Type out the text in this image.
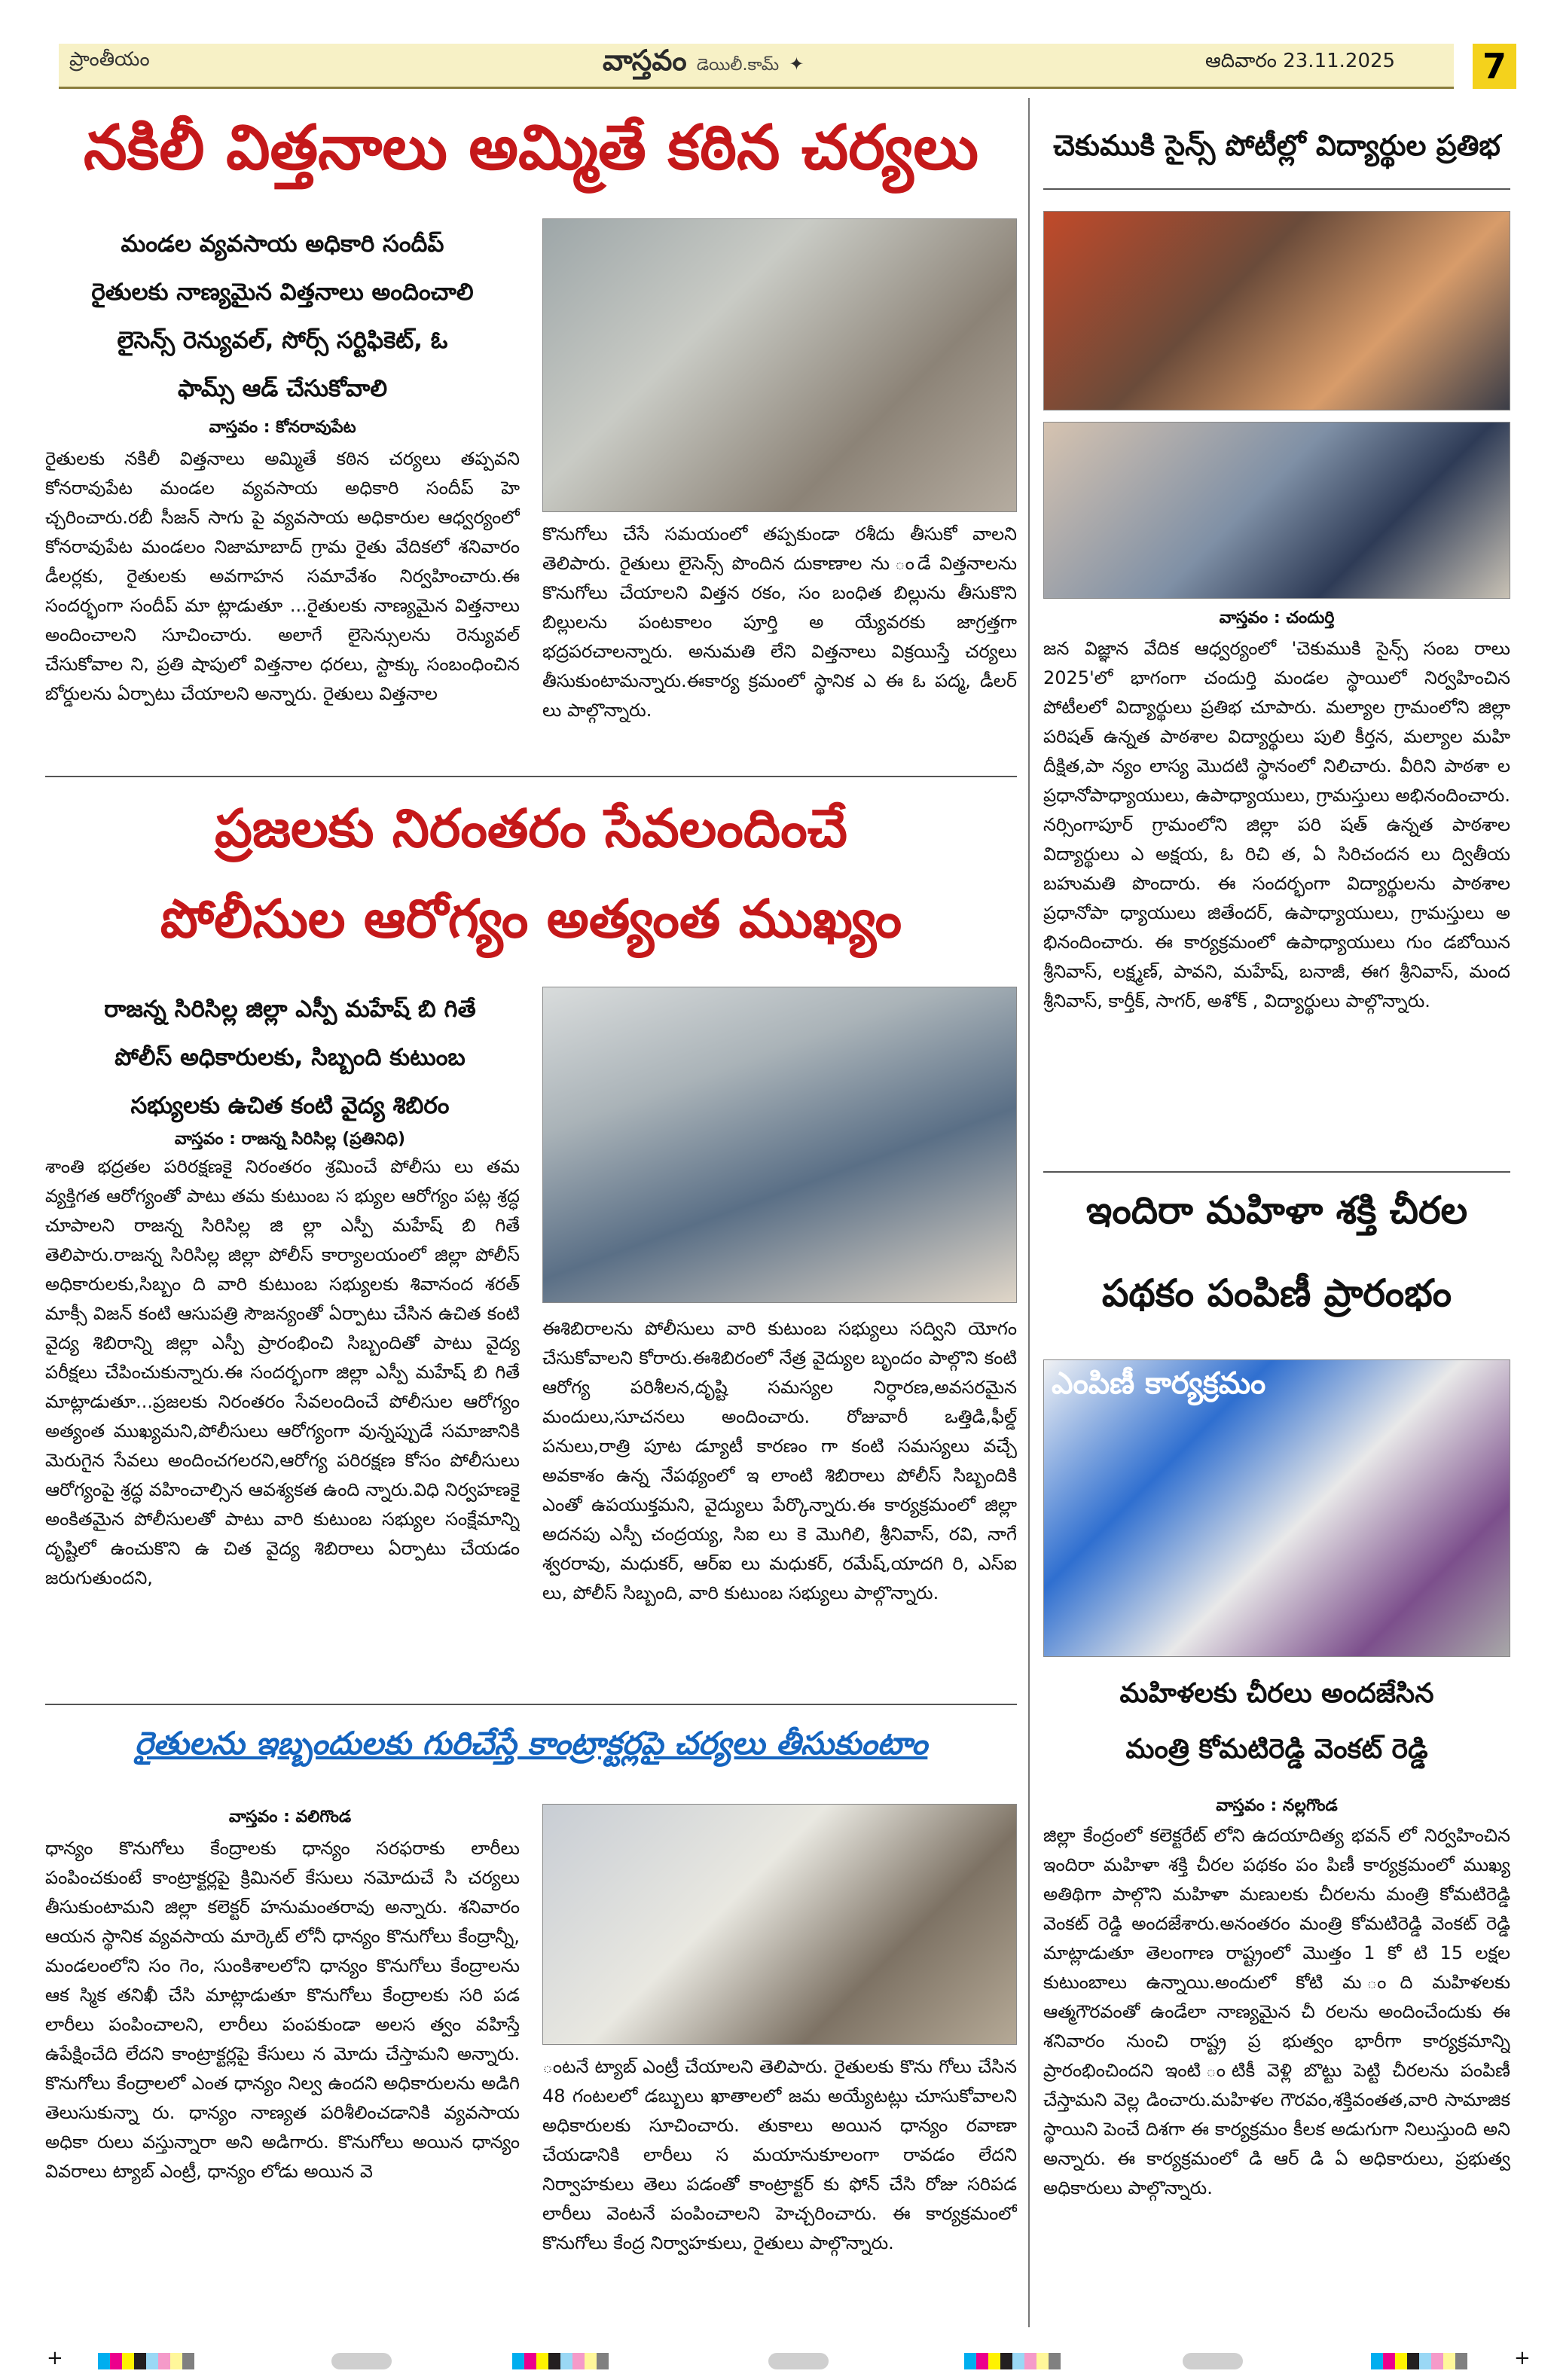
ప్రాంతీయం	వాస్తవం డెయిలీ.కామ్ ✦	ఆదివారం 23.11.2025	7
నకిలీ విత్తనాలు అమ్మితే కఠిన చర్యలు
మండల వ్యవసాయ అధికారి సందీప్
రైతులకు నాణ్యమైన విత్తనాలు అందించాలి
లైసెన్స్ రెన్యువల్, సోర్స్ సర్టిఫికెట్, ఓ
ఫామ్స్ ఆడ్ చేసుకోవాలి
వాస్తవం : కోనరావుపేట
రైతులకు నకిలీ విత్తనాలు అమ్మితే కఠిన చర్యలు తప్పవని కోనరావుపేట మండల వ్యవసాయ అధికారి సందీప్ హె చ్చరించారు.రబీ సీజన్ సాగు పై వ్యవసాయ అధికారుల ఆధ్వర్యంలో కోనరావుపేట మండలం నిజామాబాద్ గ్రామ రైతు వేదికలో శనివారం డీలర్లకు, రైతులకు అవగాహన సమావేశం నిర్వహించారు.ఈ సందర్భంగా సందీప్ మా ట్లాడుతూ ...రైతులకు నాణ్యమైన విత్తనాలు అందించాలని సూచించారు. అలాగే లైసెన్సులను రెన్యువల్ చేసుకోవాల ని, ప్రతి షాపులో విత్తనాల ధరలు, స్టాక్కు సంబంధించిన బోర్డులను ఏర్పాటు చేయాలని అన్నారు. రైతులు విత్తనాల
కొనుగోలు చేసే సమయంలో తప్పకుండా రశీదు తీసుకో వాలని తెలిపారు. రైతులు లైసెన్స్ పొందిన దుకాణాల ను ండే విత్తనాలను కొనుగోలు చేయాలని విత్తన రకం, సం బంధిత బిల్లును తీసుకొని బిల్లులను పంటకాలం పూర్తి అ య్యేవరకు జాగ్రత్తగా భద్రపరచాలన్నారు. అనుమతి లేని విత్తనాలు విక్రయిస్తే చర్యలు తీసుకుంటామన్నారు.ఈకార్య క్రమంలో స్థానిక ఎ ఈ ఓ పద్మ, డీలర్ లు పాల్గొన్నారు.
ప్రజలకు నిరంతరం సేవలందించే
పోలీసుల ఆరోగ్యం అత్యంత ముఖ్యం
రాజన్న సిరిసిల్ల జిల్లా ఎస్పీ మహేష్ బి గితే
పోలీస్ అధికారులకు, సిబ్బంది కుటుంబ
సభ్యులకు ఉచిత కంటి వైద్య శిబిరం
వాస్తవం : రాజన్న సిరిసిల్ల (ప్రతినిధి)
శాంతి భద్రతల పరిరక్షణకై నిరంతరం శ్రమించే పోలీసు లు తమ వ్యక్తిగత ఆరోగ్యంతో పాటు తమ కుటుంబ స భ్యుల ఆరోగ్యం పట్ల శ్రద్ధ చూపాలని రాజన్న సిరిసిల్ల జి ల్లా ఎస్పీ మహేష్ బి గితే తెలిపారు.రాజన్న సిరిసిల్ల జిల్లా పోలీస్ కార్యాలయంలో జిల్లా పోలీస్ అధికారులకు,సిబ్బం ది వారి కుటుంబ సభ్యులకు శివానంద శరత్ మాక్సీ విజన్ కంటి ఆసుపత్రి సౌజన్యంతో ఏర్పాటు చేసిన ఉచిత కంటి వైద్య శిబిరాన్ని జిల్లా ఎస్పీ ప్రారంభించి సిబ్బందితో పాటు వైద్య పరీక్షలు చేపించుకున్నారు.ఈ సందర్భంగా జిల్లా ఎస్పీ మహేష్ బి గితే మాట్లాడుతూ...ప్రజలకు నిరంతరం సేవలందించే పోలీసుల ఆరోగ్యం అత్యంత ముఖ్యమని,పోలీసులు ఆరోగ్యంగా వున్నప్పుడే సమాజానికి మెరుగైన సేవలు అందించగలరని,ఆరోగ్య పరిరక్షణ కోసం పోలీసులు ఆరోగ్యంపై శ్రద్ధ వహించాల్సిన ఆవశ్యకత ఉంది న్నారు.విధి నిర్వహణకై అంకితమైన పోలీసులతో పాటు వారి కుటుంబ సభ్యుల సంక్షేమాన్ని దృష్టిలో ఉంచుకొని ఉ చిత వైద్య శిబిరాలు ఏర్పాటు చేయడం జరుగుతుందని,
ఈశిబిరాలను పోలీసులు వారి కుటుంబ సభ్యులు సద్విని యోగం చేసుకోవాలని కోరారు.ఈశిబిరంలో నేత్ర వైద్యుల బృందం పాల్గొని కంటి ఆరోగ్య పరిశీలన,దృష్టి సమస్యల నిర్ధారణ,అవసరమైన మందులు,సూచనలు అందించారు. రోజువారీ ఒత్తిడి,ఫీల్డ్ పనులు,రాత్రి పూట డ్యూటీ కారణం గా కంటి సమస్యలు వచ్చే అవకాశం ఉన్న నేపథ్యంలో ఇ లాంటి శిబిరాలు పోలీస్ సిబ్బందికి ఎంతో ఉపయుక్తమని, వైద్యులు పేర్కొన్నారు.ఈ కార్యక్రమంలో జిల్లా అదనపు ఎస్పీ చంద్రయ్య, సిఐ లు కె మొగిలి, శ్రీనివాస్, రవి, నాగే శ్వరరావు, మధుకర్, ఆర్ఐ లు మధుకర్, రమేష్,యాదగి రి, ఎస్ఐ లు, పోలీస్ సిబ్బంది, వారి కుటుంబ సభ్యులు పాల్గొన్నారు.
రైతులను ఇబ్బందులకు గురిచేస్తే కాంట్రాక్టర్లపై చర్యలు తీసుకుంటాం
వాస్తవం : వలిగొండ
ధాన్యం కొనుగోలు కేంద్రాలకు ధాన్యం సరఫరాకు లారీలు పంపించకుంటే కాంట్రాక్టర్లపై క్రిమినల్ కేసులు నమోదుచే సి చర్యలు తీసుకుంటామని జిల్లా కలెక్టర్ హనుమంతరావు అన్నారు. శనివారం ఆయన స్థానిక వ్యవసాయ మార్కెట్ లోనీ ధాన్యం కొనుగోలు కేంద్రాన్నీ, మండలంలోని సం గెం, సుంకిశాలలోని ధాన్యం కొనుగోలు కేంద్రాలను ఆక స్మిక తనిఖీ చేసి మాట్లాడుతూ కొనుగోలు కేంద్రాలకు సరి పడ లారీలు పంపించాలని, లారీలు పంపకుండా అలస త్వం వహిస్తే ఉపేక్షించేది లేదని కాంట్రాక్టర్లపై కేసులు న మోదు చేస్తామని అన్నారు. కొనుగోలు కేంద్రాలలో ఎంత ధాన్యం నిల్వ ఉందని అధికారులను అడిగి తెలుసుకున్నా రు. ధాన్యం నాణ్యత పరిశీలించడానికి వ్యవసాయ అధికా రులు వస్తున్నారా అని అడిగారు. కొనుగోలు అయిన ధాన్యం వివరాలు ట్యాబ్ ఎంట్రీ, ధాన్యం లోడు అయిన వె
ంటనే ట్యాబ్ ఎంట్రీ చేయాలని తెలిపారు. రైతులకు కొను గోలు చేసిన 48 గంటలలో డబ్బులు ఖాతాలలో జమ అయ్యేటట్లు చూసుకోవాలని అధికారులకు సూచించారు. తుకాలు అయిన ధాన్యం రవాణా చేయడానికి లారీలు స మయానుకూలంగా రావడం లేదని నిర్వాహకులు తెలు పడంతో కాంట్రాక్టర్ కు ఫోన్ చేసి రోజు సరిపడ లారీలు వెంటనే పంపించాలని హెచ్చరించారు. ఈ కార్యక్రమంలో కొనుగోలు కేంద్ర నిర్వాహకులు, రైతులు పాల్గొన్నారు.
చెకుముకి సైన్స్ పోటీల్లో విద్యార్థుల ప్రతిభ
వాస్తవం : చందుర్తి
జన విజ్ఞాన వేదిక ఆధ్వర్యంలో 'చెకుముకి సైన్స్ సంబ రాలు 2025'లో భాగంగా చందుర్తి మండల స్థాయిలో నిర్వహించిన పోటీలలో విద్యార్థులు ప్రతిభ చూపారు. మల్యాల గ్రామంలోని జిల్లా పరిషత్ ఉన్నత పాఠశాల విద్యార్థులు పులి కీర్తన, మల్యాల మహి దీక్షిత,పా న్యం లాస్య మొదటి స్థానంలో నిలిచారు. వీరిని పాఠశా ల ప్రధానోపాధ్యాయులు, ఉపాధ్యాయులు, గ్రామస్తులు అభినందించారు. నర్సింగాపూర్ గ్రామంలోని జిల్లా పరి షత్ ఉన్నత పాఠశాల విద్యార్థులు ఎ అక్షయ, ఓ రిచి త, ఏ సిరిచందన లు ద్వితీయ బహుమతి పొందారు. ఈ సందర్భంగా విద్యార్థులను పాఠశాల ప్రధానోపా ధ్యాయులు జితేందర్, ఉపాధ్యాయులు, గ్రామస్తులు అ భినందించారు. ఈ కార్యక్రమంలో ఉపాధ్యాయులు గుం డబోయిన శ్రీనివాస్, లక్ష్మణ్, పావని, మహేష్, బనాజీ, ఈగ శ్రీనివాస్, మంద శ్రీనివాస్, కార్తీక్, సాగర్, అశోక్ , విద్యార్థులు పాల్గొన్నారు.
ఇందిరా మహిళా శక్తి చీరల
పథకం పంపిణీ ప్రారంభం
ఎంపిణీ కార్యక్రమం
మహిళలకు చీరలు అందజేసిన
మంత్రి కోమటిరెడ్డి వెంకట్ రెడ్డి
వాస్తవం : నల్లగొండ
జిల్లా కేంద్రంలో కలెక్టరేట్ లోని ఉదయాదిత్య భవన్ లో నిర్వహించిన ఇందిరా మహిళా శక్తి చీరల పథకం పం పిణీ కార్యక్రమంలో ముఖ్య అతిథిగా పాల్గొని మహిళా మణులకు చీరలను మంత్రి కోమటిరెడ్డి వెంకట్ రెడ్డి అందజేశారు.అనంతరం మంత్రి కోమటిరెడ్డి వెంకట్ రెడ్డి మాట్లాడుతూ తెలంగాణ రాష్ట్రంలో మొత్తం 1 కో టి 15 లక్షల కుటుంబాలు ఉన్నాయి.అందులో కోటి మ ంది మహిళలకు ఆత్మగౌరవంతో ఉండేలా నాణ్యమైన చీ రలను అందించేందుకు ఈ శనివారం నుంచి రాష్ట్ర ప్ర భుత్వం భారీగా కార్యక్రమాన్ని ప్రారంభించిందని ఇంటి ంటికీ వెళ్లి బొట్టు పెట్టి చీరలను పంపిణీ చేస్తామని వెల్ల డించారు.మహిళల గౌరవం,శక్తివంతత,వారి సామాజిక స్థాయిని పెంచే దిశగా ఈ కార్యక్రమం కీలక అడుగుగా నిలుస్తుంది అని అన్నారు. ఈ కార్యక్రమంలో డి ఆర్ డి ఏ అధికారులు, ప్రభుత్వ అధికారులు పాల్గొన్నారు.
+	+
